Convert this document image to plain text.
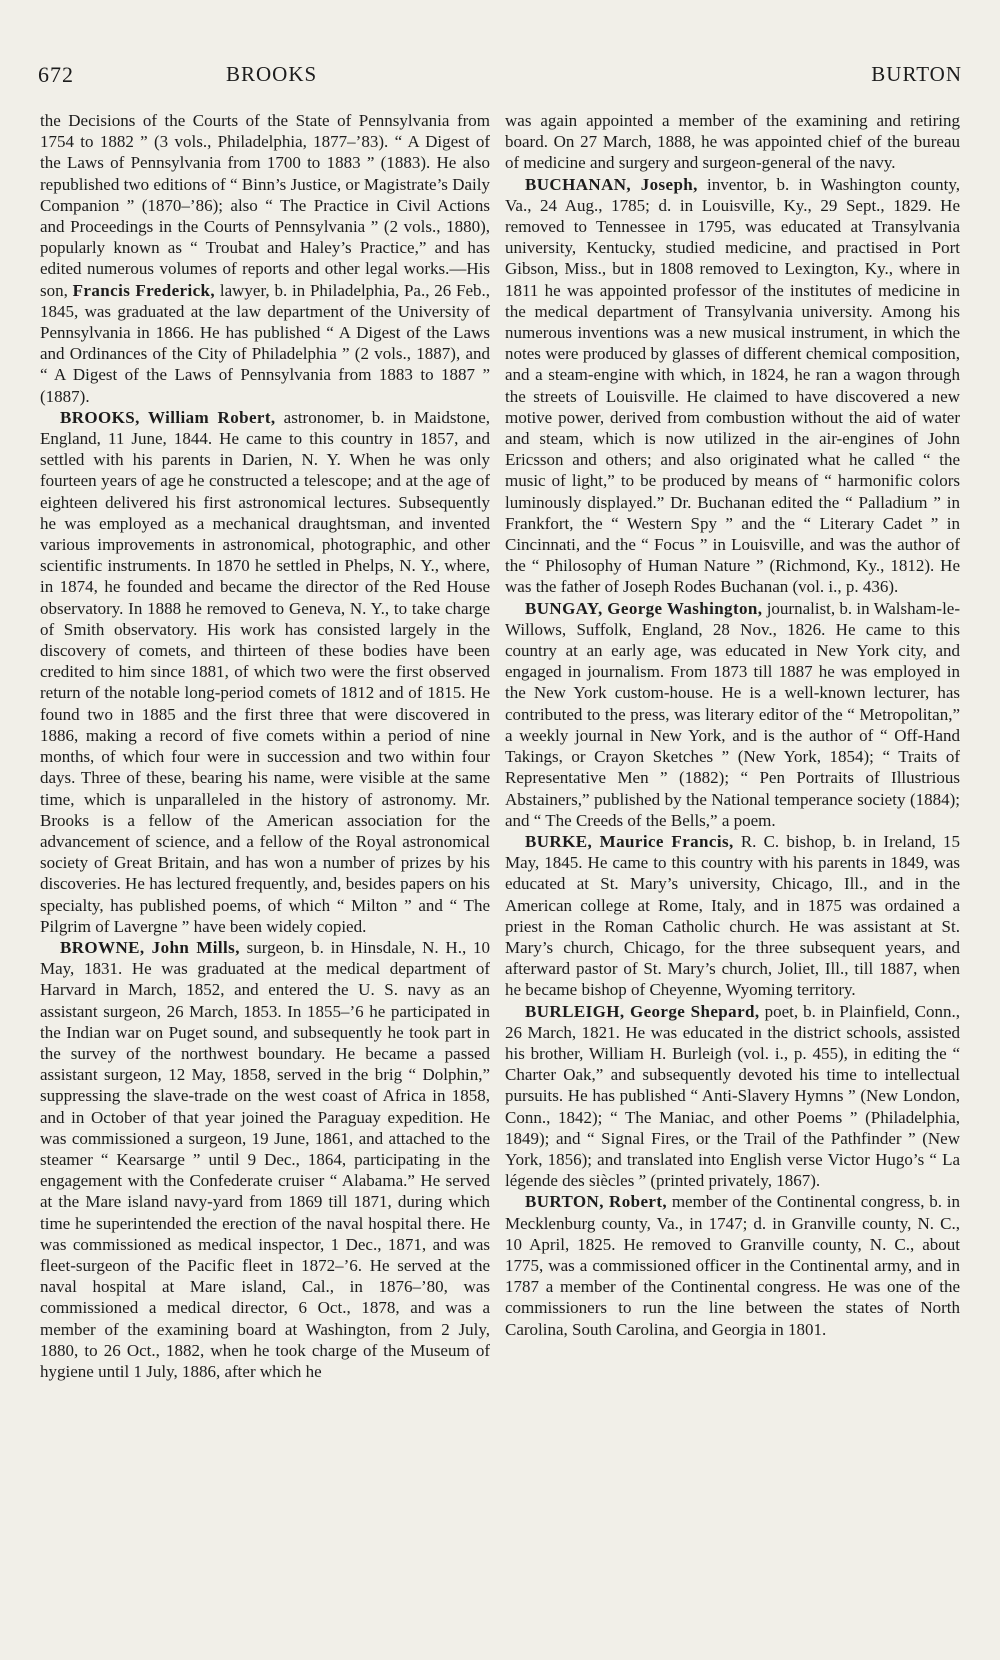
672	BROOKS	BURTON

the Decisions of the Courts of the State of Pennsylvania from 1754 to 1882 ” (3 vols., Philadelphia, 1877–’83). “ A Digest of the Laws of Pennsylvania from 1700 to 1883 ” (1883). He also republished two editions of “ Binn’s Justice, or Magistrate’s Daily Companion ” (1870–’86); also “ The Practice in Civil Actions and Proceedings in the Courts of Pennsylvania ” (2 vols., 1880), popularly known as “ Troubat and Haley’s Practice,” and has edited numerous volumes of reports and other legal works.—His son, Francis Frederick, lawyer, b. in Philadelphia, Pa., 26 Feb., 1845, was graduated at the law department of the University of Pennsylvania in 1866. He has published “ A Digest of the Laws and Ordinances of the City of Philadelphia ” (2 vols., 1887), and “ A Digest of the Laws of Pennsylvania from 1883 to 1887 ” (1887).

BROOKS, William Robert, astronomer, b. in Maidstone, England, 11 June, 1844. He came to this country in 1857, and settled with his parents in Darien, N. Y. When he was only fourteen years of age he constructed a telescope; and at the age of eighteen delivered his first astronomical lectures. Subsequently he was employed as a mechanical draughtsman, and invented various improvements in astronomical, photographic, and other scientific instruments. In 1870 he settled in Phelps, N. Y., where, in 1874, he founded and became the director of the Red House observatory. In 1888 he removed to Geneva, N. Y., to take charge of Smith observatory. His work has consisted largely in the discovery of comets, and thirteen of these bodies have been credited to him since 1881, of which two were the first observed return of the notable long-period comets of 1812 and of 1815. He found two in 1885 and the first three that were discovered in 1886, making a record of five comets within a period of nine months, of which four were in succession and two within four days. Three of these, bearing his name, were visible at the same time, which is unparalleled in the history of astronomy. Mr. Brooks is a fellow of the American association for the advancement of science, and a fellow of the Royal astronomical society of Great Britain, and has won a number of prizes by his discoveries. He has lectured frequently, and, besides papers on his specialty, has published poems, of which “ Milton ” and “ The Pilgrim of Lavergne ” have been widely copied.

BROWNE, John Mills, surgeon, b. in Hinsdale, N. H., 10 May, 1831. He was graduated at the medical department of Harvard in March, 1852, and entered the U. S. navy as an assistant surgeon, 26 March, 1853. In 1855–’6 he participated in the Indian war on Puget sound, and subsequently he took part in the survey of the northwest boundary. He became a passed assistant surgeon, 12 May, 1858, served in the brig “ Dolphin,” suppressing the slave-trade on the west coast of Africa in 1858, and in October of that year joined the Paraguay expedition. He was commissioned a surgeon, 19 June, 1861, and attached to the steamer “ Kearsarge ” until 9 Dec., 1864, participating in the engagement with the Confederate cruiser “ Alabama.” He served at the Mare island navy-yard from 1869 till 1871, during which time he superintended the erection of the naval hospital there. He was commissioned as medical inspector, 1 Dec., 1871, and was fleet-surgeon of the Pacific fleet in 1872–’6. He served at the naval hospital at Mare island, Cal., in 1876–’80, was commissioned a medical director, 6 Oct., 1878, and was a member of the examining board at Washington, from 2 July, 1880, to 26 Oct., 1882, when he took charge of the Museum of hygiene until 1 July, 1886, after which he

was again appointed a member of the examining and retiring board. On 27 March, 1888, he was appointed chief of the bureau of medicine and surgery and surgeon-general of the navy.

BUCHANAN, Joseph, inventor, b. in Washington county, Va., 24 Aug., 1785; d. in Louisville, Ky., 29 Sept., 1829. He removed to Tennessee in 1795, was educated at Transylvania university, Kentucky, studied medicine, and practised in Port Gibson, Miss., but in 1808 removed to Lexington, Ky., where in 1811 he was appointed professor of the institutes of medicine in the medical department of Transylvania university. Among his numerous inventions was a new musical instrument, in which the notes were produced by glasses of different chemical composition, and a steam-engine with which, in 1824, he ran a wagon through the streets of Louisville. He claimed to have discovered a new motive power, derived from combustion without the aid of water and steam, which is now utilized in the air-engines of John Ericsson and others; and also originated what he called “ the music of light,” to be produced by means of “ harmonific colors luminously displayed.” Dr. Buchanan edited the “ Palladium ” in Frankfort, the “ Western Spy ” and the “ Literary Cadet ” in Cincinnati, and the “ Focus ” in Louisville, and was the author of the “ Philosophy of Human Nature ” (Richmond, Ky., 1812). He was the father of Joseph Rodes Buchanan (vol. i., p. 436).

BUNGAY, George Washington, journalist, b. in Walsham-le-Willows, Suffolk, England, 28 Nov., 1826. He came to this country at an early age, was educated in New York city, and engaged in journalism. From 1873 till 1887 he was employed in the New York custom-house. He is a well-known lecturer, has contributed to the press, was literary editor of the “ Metropolitan,” a weekly journal in New York, and is the author of “ Off-Hand Takings, or Crayon Sketches ” (New York, 1854); “ Traits of Representative Men ” (1882); “ Pen Portraits of Illustrious Abstainers,” published by the National temperance society (1884); and “ The Creeds of the Bells,” a poem.

BURKE, Maurice Francis, R. C. bishop, b. in Ireland, 15 May, 1845. He came to this country with his parents in 1849, was educated at St. Mary’s university, Chicago, Ill., and in the American college at Rome, Italy, and in 1875 was ordained a priest in the Roman Catholic church. He was assistant at St. Mary’s church, Chicago, for the three subsequent years, and afterward pastor of St. Mary’s church, Joliet, Ill., till 1887, when he became bishop of Cheyenne, Wyoming territory.

BURLEIGH, George Shepard, poet, b. in Plainfield, Conn., 26 March, 1821. He was educated in the district schools, assisted his brother, William H. Burleigh (vol. i., p. 455), in editing the “ Charter Oak,” and subsequently devoted his time to intellectual pursuits. He has published “ Anti-Slavery Hymns ” (New London, Conn., 1842); “ The Maniac, and other Poems ” (Philadelphia, 1849); and “ Signal Fires, or the Trail of the Pathfinder ” (New York, 1856); and translated into English verse Victor Hugo’s “ La légende des siècles ” (printed privately, 1867).

BURTON, Robert, member of the Continental congress, b. in Mecklenburg county, Va., in 1747; d. in Granville county, N. C., 10 April, 1825. He removed to Granville county, N. C., about 1775, was a commissioned officer in the Continental army, and in 1787 a member of the Continental congress. He was one of the commissioners to run the line between the states of North Carolina, South Carolina, and Georgia in 1801.
